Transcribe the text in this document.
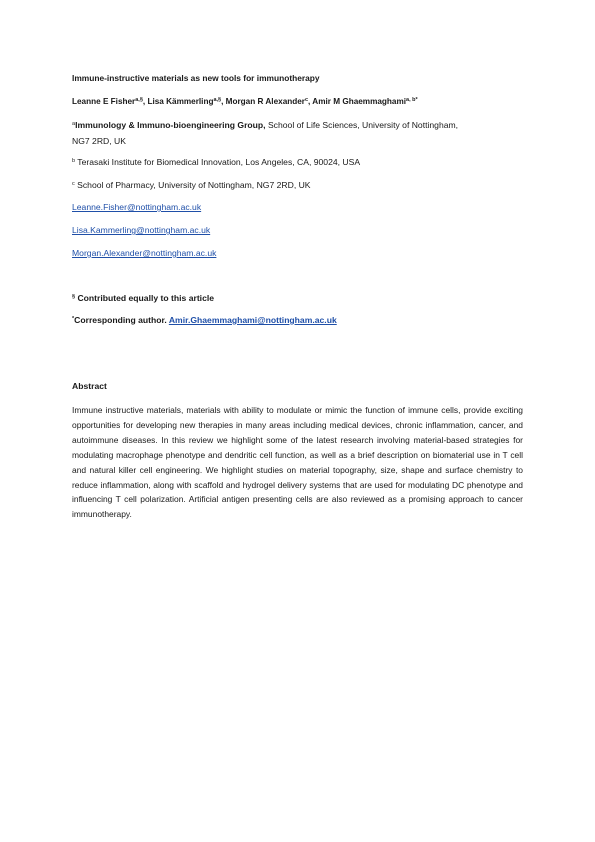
Immune-instructive materials as new tools for immunotherapy
Leanne E Fisher$^{a,\S}$, Lisa Kämmerling$^{a,\S}$, Morgan R Alexander$^c$, Amir M Ghaemmaghami$^{a, b*}$
$^a$Immunology & Immuno-bioengineering Group, School of Life Sciences, University of Nottingham,
NG7 2RD, UK
$^b$ Terasaki Institute for Biomedical Innovation, Los Angeles, CA, 90024, USA
$^c$ School of Pharmacy, University of Nottingham, NG7 2RD, UK
Leanne.Fisher@nottingham.ac.uk
Lisa.Kammerling@nottingham.ac.uk
Morgan.Alexander@nottingham.ac.uk
§ Contributed equally to this article
*Corresponding author. Amir.Ghaemmaghami@nottingham.ac.uk
Abstract
Immune instructive materials, materials with ability to modulate or mimic the function of immune cells, provide exciting opportunities for developing new therapies in many areas including medical devices, chronic inflammation, cancer, and autoimmune diseases. In this review we highlight some of the latest research involving material-based strategies for modulating macrophage phenotype and dendritic cell function, as well as a brief description on biomaterial use in T cell and natural killer cell engineering. We highlight studies on material topography, size, shape and surface chemistry to reduce inflammation, along with scaffold and hydrogel delivery systems that are used for modulating DC phenotype and influencing T cell polarization. Artificial antigen presenting cells are also reviewed as a promising approach to cancer immunotherapy.
